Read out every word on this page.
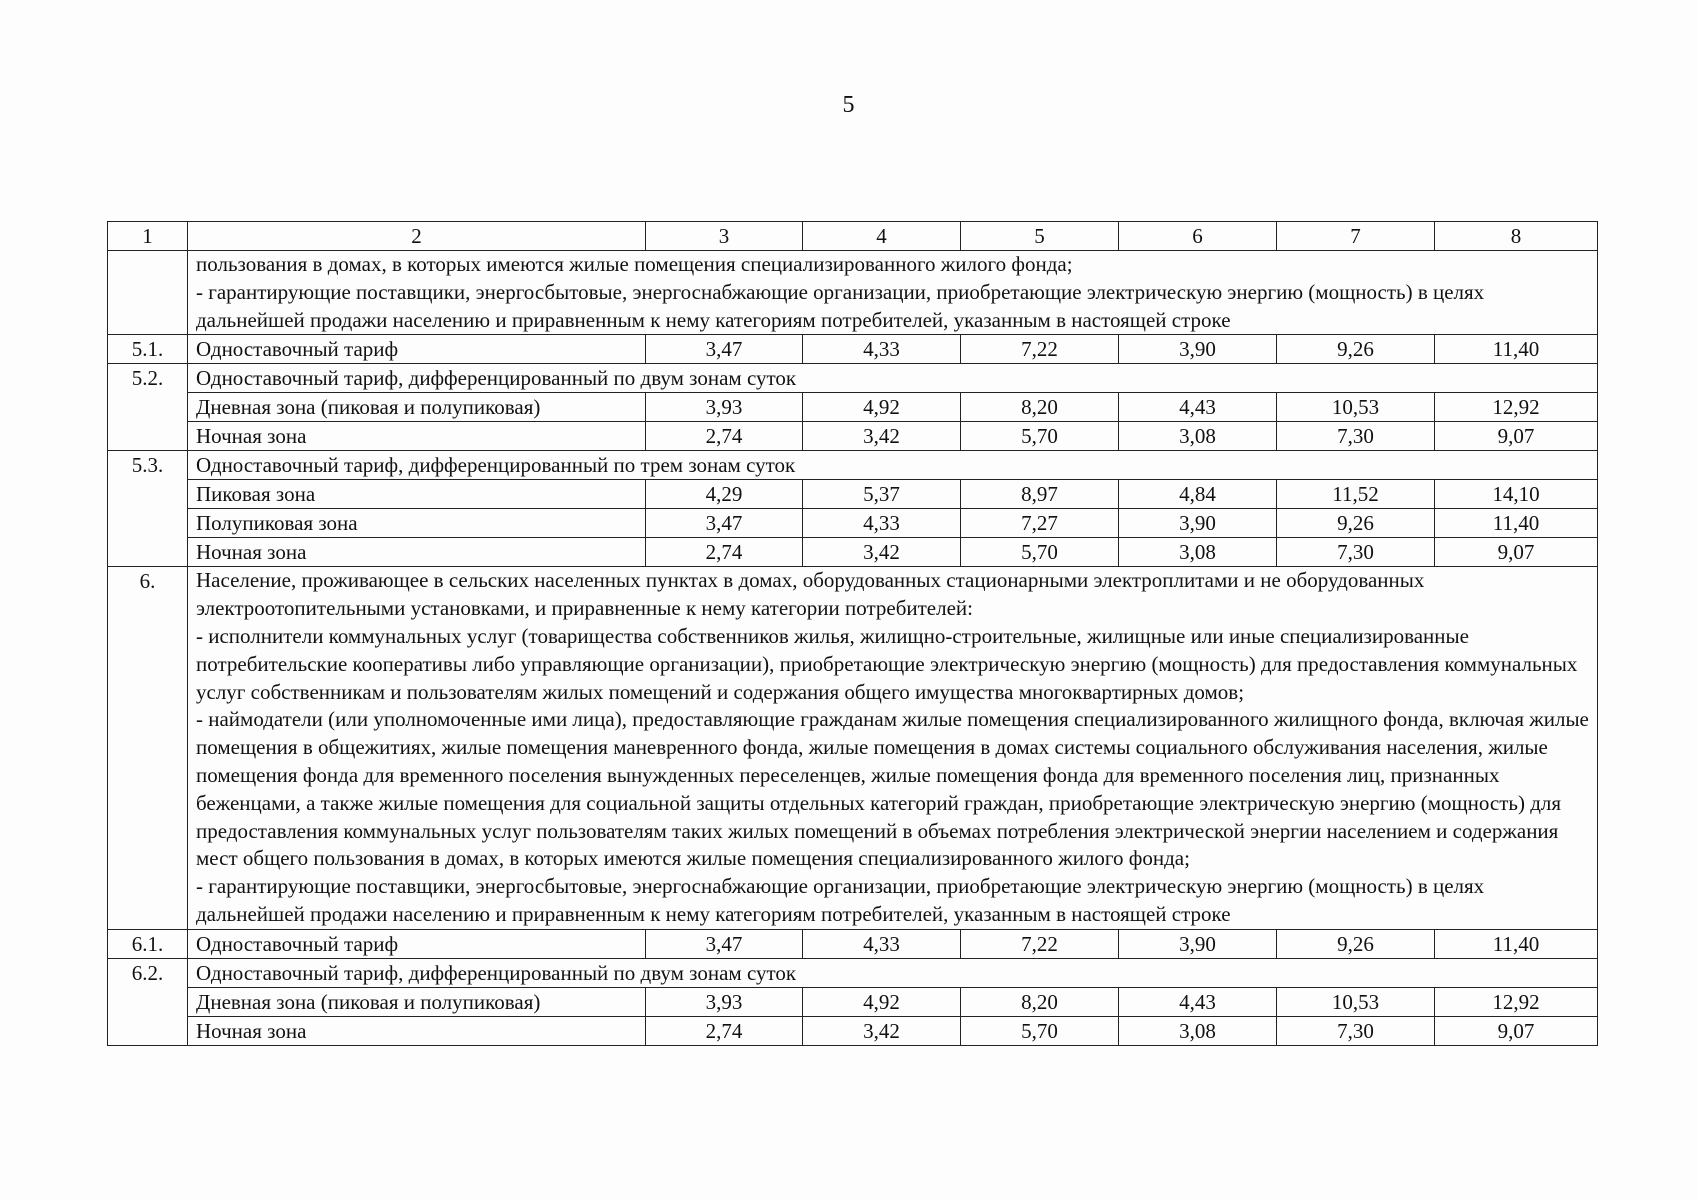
5
1	2	3	4	5	6	7	8

	пользования в домах, в которых имеются жилые помещения специализированного жилого фонда;
- гарантирующие поставщики, энергосбытовые, энергоснабжающие организации, приобретающие электрическую энергию (мощность) в целях дальнейшей продажи населению и приравненным к нему категориям потребителей, указанным в настоящей строке						

5.1.	Одноставочный тариф	3,47	4,33	7,22	3,90	9,26	11,40
5.2.	Одноставочный тариф, дифференцированный по двум зонам суток						
	Дневная зона (пиковая и полупиковая)	3,93	4,92	8,20	4,43	10,53	12,92
	Ночная зона	2,74	3,42	5,70	3,08	7,30	9,07
5.3.	Одноставочный тариф, дифференцированный по трем зонам суток						
	Пиковая зона	4,29	5,37	8,97	4,84	11,52	14,10
	Полупиковая зона	3,47	4,33	7,27	3,90	9,26	11,40
	Ночная зона	2,74	3,42	5,70	3,08	7,30	9,07
6.	Население, проживающее в сельских населенных пунктах в домах, оборудованных стационарными электроплитами и не оборудованных электроотопительными установками, и приравненные к нему категории потребителей:
- исполнители коммунальных услуг (товарищества собственников жилья, жилищно-строительные, жилищные или иные специализированные потребительские кооперативы либо управляющие организации), приобретающие электрическую энергию (мощность) для предоставления коммунальных услуг собственникам и пользователям жилых помещений и содержания общего имущества многоквартирных домов;
- наймодатели (или уполномоченные ими лица), предоставляющие гражданам жилые помещения специализированного жилищного фонда, включая жилые помещения в общежитиях, жилые помещения маневренного фонда, жилые помещения в домах системы социального обслуживания населения, жилые помещения фонда для временного поселения вынужденных переселенцев, жилые помещения фонда для временного поселения лиц, признанных беженцами, а также жилые помещения для социальной защиты отдельных категорий граждан, приобретающие электрическую энергию (мощность) для предоставления коммунальных услуг пользователям таких жилых помещений в объемах потребления электрической энергии населением и содержания мест общего пользования в домах, в которых имеются жилые помещения специализированного жилого фонда;
- гарантирующие поставщики, энергосбытовые, энергоснабжающие организации, приобретающие электрическую энергию (мощность) в целях дальнейшей продажи населению и приравненным к нему категориям потребителей, указанным в настоящей строке						

6.1.	Одноставочный тариф	3,47	4,33	7,22	3,90	9,26	11,40
6.2.	Одноставочный тариф, дифференцированный по двум зонам суток						
	Дневная зона (пиковая и полупиковая)	3,93	4,92	8,20	4,43	10,53	12,92
	Ночная зона	2,74	3,42	5,70	3,08	7,30	9,07
